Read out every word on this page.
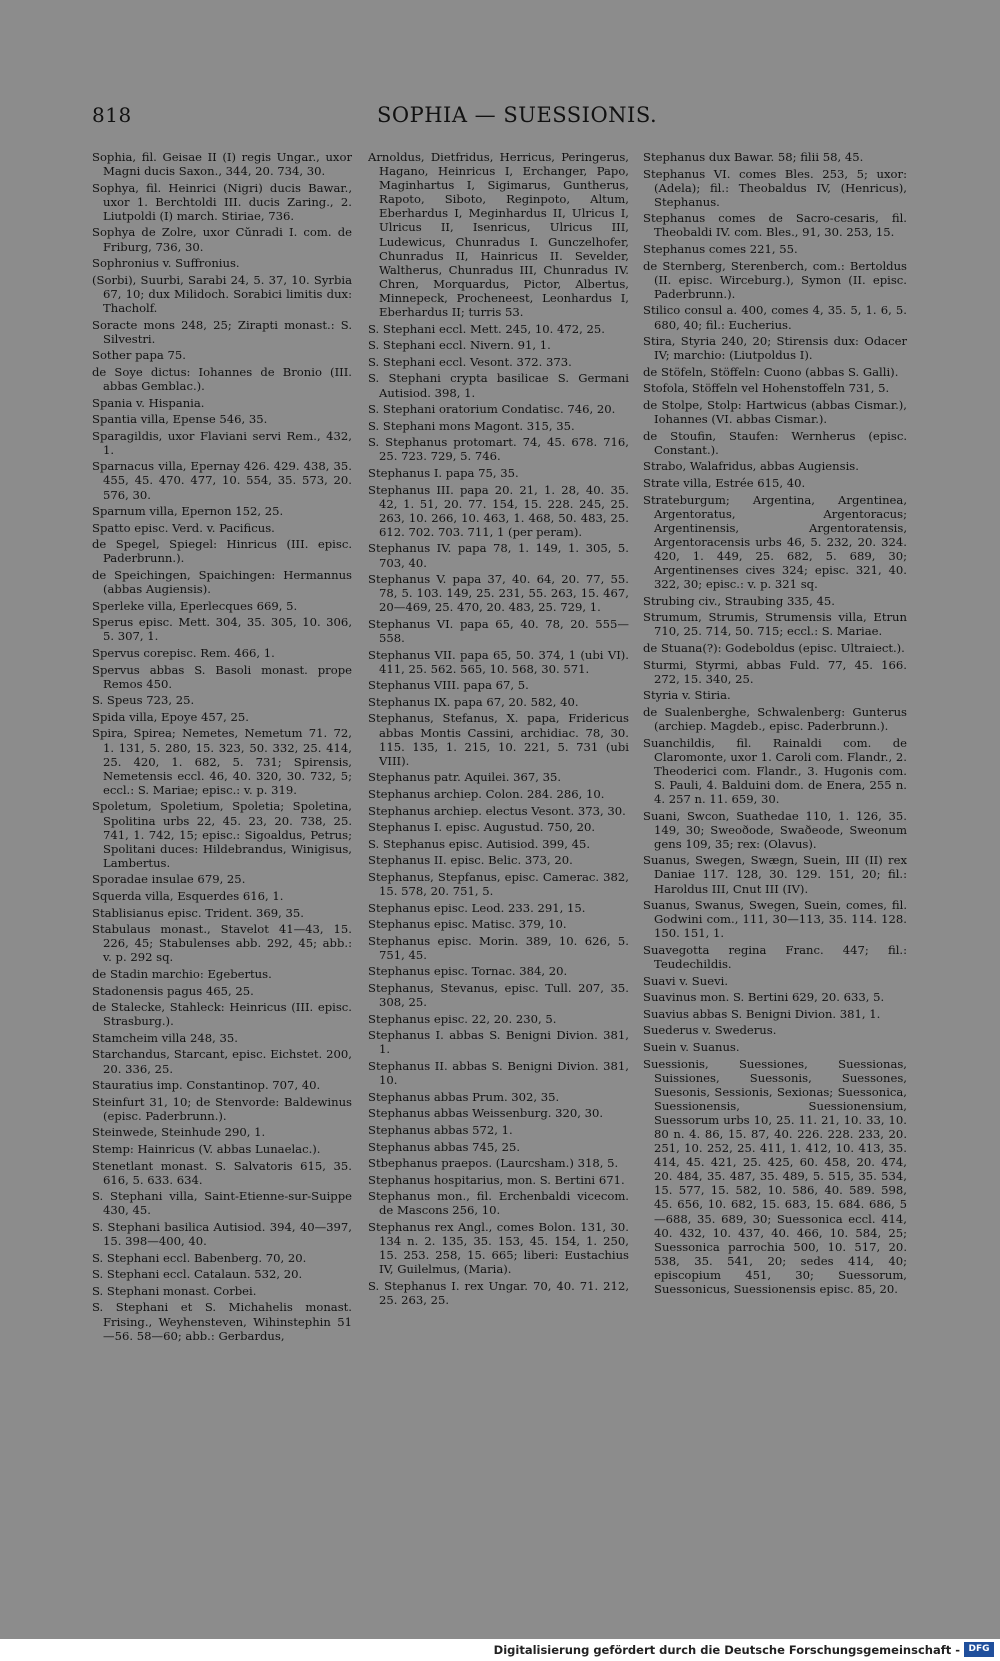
818	SOPHIA — SUESSIONIS.
Sophia, fil. Geisae II (I) regis Ungar., uxor Magni ducis Saxon., 344, 20. 734, 30.
Sophya, fil. Heinrici (Nigri) ducis Bawar., uxor 1. Berchtoldi III. ducis Zaring., 2. Liutpoldi (I) march. Stiriae, 736.
Sophya de Zolre, uxor Cŭnradi I. com. de Friburg, 736, 30.
Sophronius v. Suffronius.
(Sorbi), Suurbi, Sarabi 24, 5. 37, 10. Syrbia 67, 10; dux Milidoch. Sorabici limitis dux: Thacholf.
Soracte mons 248, 25; Zirapti monast.: S. Silvestri.
Sother papa 75.
de Soye dictus: Iohannes de Bronio (III. abbas Gemblac.).
Spania v. Hispania.
Spantia villa, Epense 546, 35.
Sparagildis, uxor Flaviani servi Rem., 432, 1.
Sparnacus villa, Epernay 426. 429. 438, 35. 455, 45. 470. 477, 10. 554, 35. 573, 20. 576, 30.
Sparnum villa, Epernon 152, 25.
Spatto episc. Verd. v. Pacificus.
de Spegel, Spiegel: Hinricus (III. episc. Paderbrunn.).
de Speichingen, Spaichingen: Hermannus (abbas Augiensis).
Sperleke villa, Eperlecques 669, 5.
Sperus episc. Mett. 304, 35. 305, 10. 306, 5. 307, 1.
Spervus corepisc. Rem. 466, 1.
Spervus abbas S. Basoli monast. prope Remos 450.
S. Speus 723, 25.
Spida villa, Epoye 457, 25.
Spira, Spirea; Nemetes, Nemetum 71. 72, 1. 131, 5. 280, 15. 323, 50. 332, 25. 414, 25. 420, 1. 682, 5. 731; Spirensis, Nemetensis eccl. 46, 40. 320, 30. 732, 5; eccl.: S. Mariae; episc.: v. p. 319.
Spoletum, Spoletium, Spoletia; Spoletina, Spolitina urbs 22, 45. 23, 20. 738, 25. 741, 1. 742, 15; episc.: Sigoaldus, Petrus; Spolitani duces: Hildebrandus, Winigisus, Lambertus.
Sporadae insulae 679, 25.
Squerda villa, Esquerdes 616, 1.
Stablisianus episc. Trident. 369, 35.
Stabulaus monast., Stavelot 41—43, 15. 226, 45; Stabulenses abb. 292, 45; abb.: v. p. 292 sq.
de Stadin marchio: Egebertus.
Stadonensis pagus 465, 25.
de Stalecke, Stahleck: Heinricus (III. episc. Strasburg.).
Stamcheim villa 248, 35.
Starchandus, Starcant, episc. Eichstet. 200, 20. 336, 25.
Stauratius imp. Constantinop. 707, 40.
Steinfurt 31, 10; de Stenvorde: Baldewinus (episc. Paderbrunn.).
Steinwede, Steinhude 290, 1.
Stemp: Hainricus (V. abbas Lunaelac.).
Stenetlant monast. S. Salvatoris 615, 35. 616, 5. 633. 634.
S. Stephani villa, Saint-Etienne-sur-Suippe 430, 45.
S. Stephani basilica Autisiod. 394, 40—397, 15. 398—400, 40.
S. Stephani eccl. Babenberg. 70, 20.
S. Stephani eccl. Catalaun. 532, 20.
S. Stephani monast. Corbei.
S. Stephani et S. Michahelis monast. Frising., Weyhensteven, Wihinstephin 51—56. 58—60; abb.: Gerbardus,
Arnoldus, Dietfridus, Herricus, Peringerus, Hagano, Heinricus I, Erchanger, Papo, Maginhartus I, Sigimarus, Guntherus, Rapoto, Siboto, Reginpoto, Altum, Eberhardus I, Meginhardus II, Ulricus I, Ulricus II, Isenricus, Ulricus III, Ludewicus, Chunradus I. Gunczelhofer, Chunradus II, Hainricus II. Sevelder, Waltherus, Chunradus III, Chunradus IV. Chren, Morquardus, Pictor, Albertus, Minnepeck, Procheneest, Leonhardus I, Eberhardus II; turris 53.
S. Stephani eccl. Mett. 245, 10. 472, 25.
S. Stephani eccl. Nivern. 91, 1.
S. Stephani eccl. Vesont. 372. 373.
S. Stephani crypta basilicae S. Germani Autisiod. 398, 1.
S. Stephani oratorium Condatisc. 746, 20.
S. Stephani mons Magont. 315, 35.
S. Stephanus protomart. 74, 45. 678. 716, 25. 723. 729, 5. 746.
Stephanus I. papa 75, 35.
Stephanus III. papa 20. 21, 1. 28, 40. 35. 42, 1. 51, 20. 77. 154, 15. 228. 245, 25. 263, 10. 266, 10. 463, 1. 468, 50. 483, 25. 612. 702. 703. 711, 1 (per peram).
Stephanus IV. papa 78, 1. 149, 1. 305, 5. 703, 40.
Stephanus V. papa 37, 40. 64, 20. 77, 55. 78, 5. 103. 149, 25. 231, 55. 263, 15. 467, 20—469, 25. 470, 20. 483, 25. 729, 1.
Stephanus VI. papa 65, 40. 78, 20. 555—558.
Stephanus VII. papa 65, 50. 374, 1 (ubi VI). 411, 25. 562. 565, 10. 568, 30. 571.
Stephanus VIII. papa 67, 5.
Stephanus IX. papa 67, 20. 582, 40.
Stephanus, Stefanus, X. papa, Fridericus abbas Montis Cassini, archidiac. 78, 30. 115. 135, 1. 215, 10. 221, 5. 731 (ubi VIII).
Stephanus patr. Aquilei. 367, 35.
Stephanus archiep. Colon. 284. 286, 10.
Stephanus archiep. electus Vesont. 373, 30.
Stephanus I. episc. Augustud. 750, 20.
S. Stephanus episc. Autisiod. 399, 45.
Stephanus II. episc. Belic. 373, 20.
Stephanus, Stepfanus, episc. Camerac. 382, 15. 578, 20. 751, 5.
Stephanus episc. Leod. 233. 291, 15.
Stephanus episc. Matisc. 379, 10.
Stephanus episc. Morin. 389, 10. 626, 5. 751, 45.
Stephanus episc. Tornac. 384, 20.
Stephanus, Stevanus, episc. Tull. 207, 35. 308, 25.
Stephanus episc. 22, 20. 230, 5.
Stephanus I. abbas S. Benigni Divion. 381, 1.
Stephanus II. abbas S. Benigni Divion. 381, 10.
Stephanus abbas Prum. 302, 35.
Stephanus abbas Weissenburg. 320, 30.
Stephanus abbas 572, 1.
Stephanus abbas 745, 25.
Stbephanus praepos. (Laurcsham.) 318, 5.
Stephanus hospitarius, mon. S. Bertini 671.
Stephanus mon., fil. Erchenbaldi vicecom. de Mascons 256, 10.
Stephanus rex Angl., comes Bolon. 131, 30. 134 n. 2. 135, 35. 153, 45. 154, 1. 250, 15. 253. 258, 15. 665; liberi: Eustachius IV, Guilelmus, (Maria).
S. Stephanus I. rex Ungar. 70, 40. 71. 212, 25. 263, 25.
Stephanus dux Bawar. 58; filii 58, 45.
Stephanus VI. comes Bles. 253, 5; uxor: (Adela); fil.: Theobaldus IV, (Henricus), Stephanus.
Stephanus comes de Sacro-cesaris, fil. Theobaldi IV. com. Bles., 91, 30. 253, 15.
Stephanus comes 221, 55.
de Sternberg, Sterenberch, com.: Bertoldus (II. episc. Wirceburg.), Symon (II. episc. Paderbrunn.).
Stilico consul a. 400, comes 4, 35. 5, 1. 6, 5. 680, 40; fil.: Eucherius.
Stira, Styria 240, 20; Stirensis dux: Odacer IV; marchio: (Liutpoldus I).
de Stöfeln, Stöffeln: Cuono (abbas S. Galli).
Stofola, Stöffeln vel Hohenstoffeln 731, 5.
de Stolpe, Stolp: Hartwicus (abbas Cismar.), Iohannes (VI. abbas Cismar.).
de Stoufin, Staufen: Wernherus (episc. Constant.).
Strabo, Walafridus, abbas Augiensis.
Strate villa, Estrée 615, 40.
Strateburgum; Argentina, Argentinea, Argentoratus, Argentoracus; Argentinensis, Argentoratensis, Argentoracensis urbs 46, 5. 232, 20. 324. 420, 1. 449, 25. 682, 5. 689, 30; Argentinenses cives 324; episc. 321, 40. 322, 30; episc.: v. p. 321 sq.
Strubing civ., Straubing 335, 45.
Strumum, Strumis, Strumensis villa, Etrun 710, 25. 714, 50. 715; eccl.: S. Mariae.
de Stuana(?): Godeboldus (episc. Ultraiect.).
Sturmi, Styrmi, abbas Fuld. 77, 45. 166. 272, 15. 340, 25.
Styria v. Stiria.
de Sualenberghe, Schwalenberg: Gunterus (archiep. Magdeb., episc. Paderbrunn.).
Suanchildis, fil. Rainaldi com. de Claromonte, uxor 1. Caroli com. Flandr., 2. Theoderici com. Flandr., 3. Hugonis com. S. Pauli, 4. Balduini dom. de Enera, 255 n. 4. 257 n. 11. 659, 30.
Suani, Swcon, Suathedae 110, 1. 126, 35. 149, 30; Sweoðode, Swaðeode, Sweonum gens 109, 35; rex: (Olavus).
Suanus, Swegen, Swægn, Suein, III (II) rex Daniae 117. 128, 30. 129. 151, 20; fil.: Haroldus III, Cnut III (IV).
Suanus, Swanus, Swegen, Suein, comes, fil. Godwini com., 111, 30—113, 35. 114. 128. 150. 151, 1.
Suavegotta regina Franc. 447; fil.: Teudechildis.
Suavi v. Suevi.
Suavinus mon. S. Bertini 629, 20. 633, 5.
Suavius abbas S. Benigni Divion. 381, 1.
Suederus v. Swederus.
Suein v. Suanus.
Suessionis, Suessiones, Suessionas, Suissiones, Suessonis, Suessones, Suesonis, Sessionis, Sexionas; Suessonica, Suessionensis, Suessionensium, Suessorum urbs 10, 25. 11. 21, 10. 33, 10. 80 n. 4. 86, 15. 87, 40. 226. 228. 233, 20. 251, 10. 252, 25. 411, 1. 412, 10. 413, 35. 414, 45. 421, 25. 425, 60. 458, 20. 474, 20. 484, 35. 487, 35. 489, 5. 515, 35. 534, 15. 577, 15. 582, 10. 586, 40. 589. 598, 45. 656, 10. 682, 15. 683, 15. 684. 686, 5—688, 35. 689, 30; Suessonica eccl. 414, 40. 432, 10. 437, 40. 466, 10. 584, 25; Suessonica parrochia 500, 10. 517, 20. 538, 35. 541, 20; sedes 414, 40; episcopium 451, 30; Suessorum, Suessonicus, Suessionensis episc. 85, 20.
Digitalisierung gefördert durch die Deutsche Forschungsgemeinschaft - DFG
